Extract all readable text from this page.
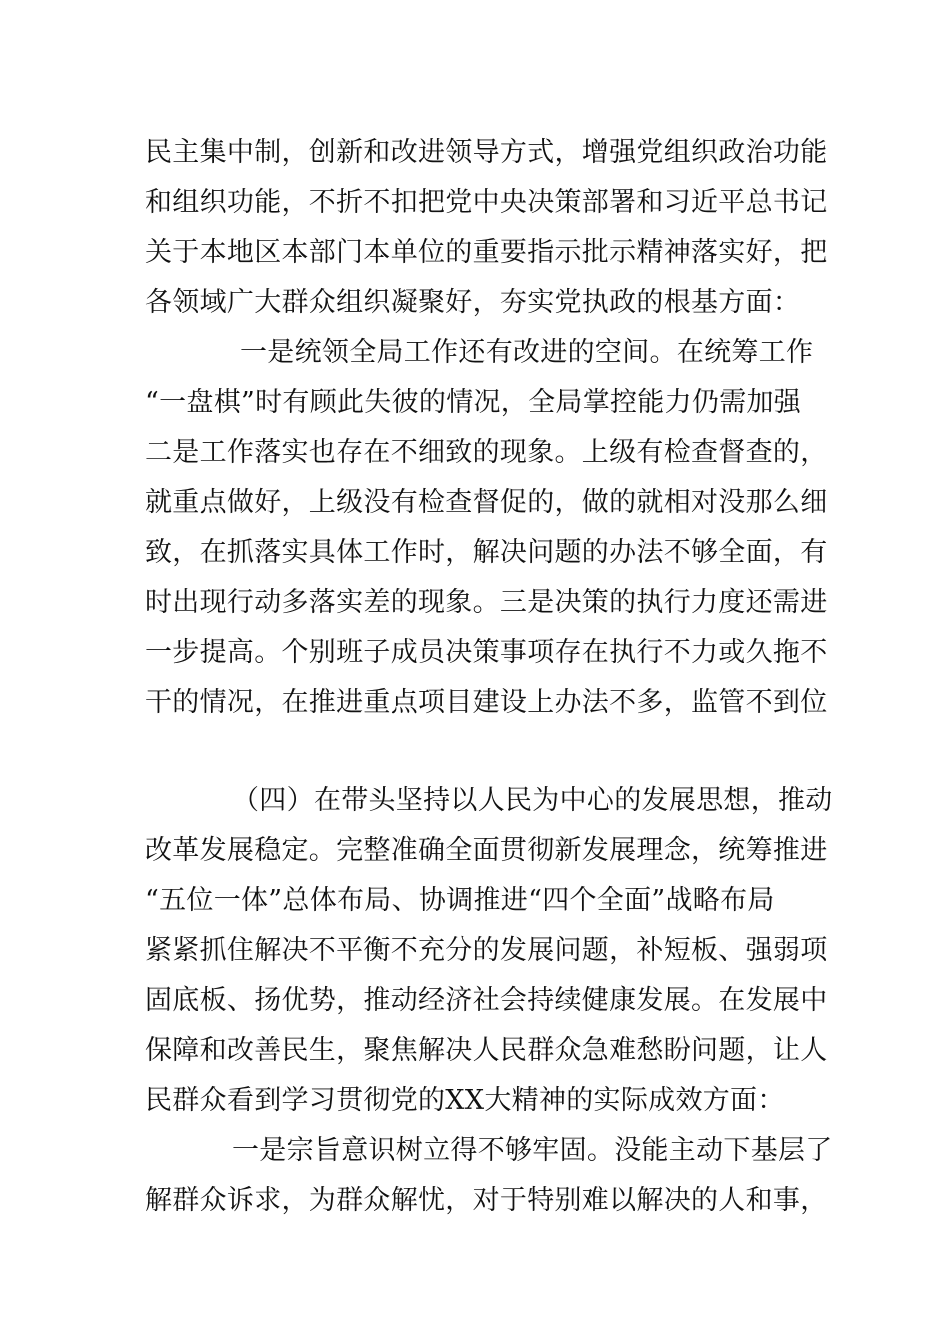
民主集中制，创新和改进领导方式，增强党组织政治功能
和组织功能，不折不扣把党中央决策部署和习近平总书记
关于本地区本部门本单位的重要指示批示精神落实好，把
各领域广大群众组织凝聚好，夯实党执政的根基方面：
一是统领全局工作还有改进的空间。在统筹工作
“一盘棋”时有顾此失彼的情况，全局掌控能力仍需加强
二是工作落实也存在不细致的现象。上级有检查督查的，
就重点做好，上级没有检查督促的，做的就相对没那么细
致，在抓落实具体工作时，解决问题的办法不够全面，有
时出现行动多落实差的现象。三是决策的执行力度还需进
一步提高。个别班子成员决策事项存在执行不力或久拖不
干的情况，在推进重点项目建设上办法不多，监管不到位
（四）在带头坚持以人民为中心的发展思想，推动
改革发展稳定。完整准确全面贯彻新发展理念，统筹推进
“五位一体”总体布局、协调推进“四个全面”战略布局
紧紧抓住解决不平衡不充分的发展问题，补短板、强弱项
固底板、扬优势，推动经济社会持续健康发展。在发展中
保障和改善民生，聚焦解决人民群众急难愁盼问题，让人
民群众看到学习贯彻党的XX大精神的实际成效方面：
一是宗旨意识树立得不够牢固。没能主动下基层了
解群众诉求，为群众解忧，对于特别难以解决的人和事，
